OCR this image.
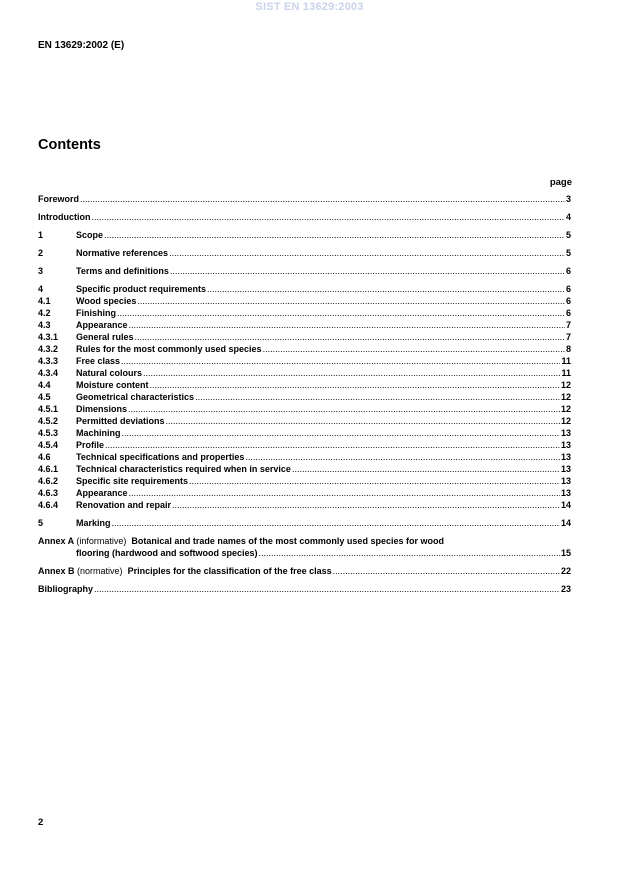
SIST EN 13629:2003
EN 13629:2002 (E)
Contents
page
Foreword .....	3
Introduction .....	4
1	Scope .....	5
2	Normative references .....	5
3	Terms and definitions .....	6
4	Specific product requirements .....	6
4.1	Wood species .....	6
4.2	Finishing .....	6
4.3	Appearance .....	7
4.3.1	General rules .....	7
4.3.2	Rules for the most commonly used species .....	8
4.3.3	Free class .....	11
4.3.4	Natural colours .....	11
4.4	Moisture content .....	12
4.5	Geometrical characteristics .....	12
4.5.1	Dimensions .....	12
4.5.2	Permitted deviations .....	12
4.5.3	Machining .....	13
4.5.4	Profile .....	13
4.6	Technical specifications and properties .....	13
4.6.1	Technical characteristics required when in service .....	13
4.6.2	Specific site requirements .....	13
4.6.3	Appearance .....	13
4.6.4	Renovation and repair .....	14
5	Marking .....	14
Annex A (informative) Botanical and trade names of the most commonly used species for wood
flooring (hardwood and softwood species) .....	15
Annex B (normative) Principles for the classification of the free class .....	22
Bibliography .....	23
2
